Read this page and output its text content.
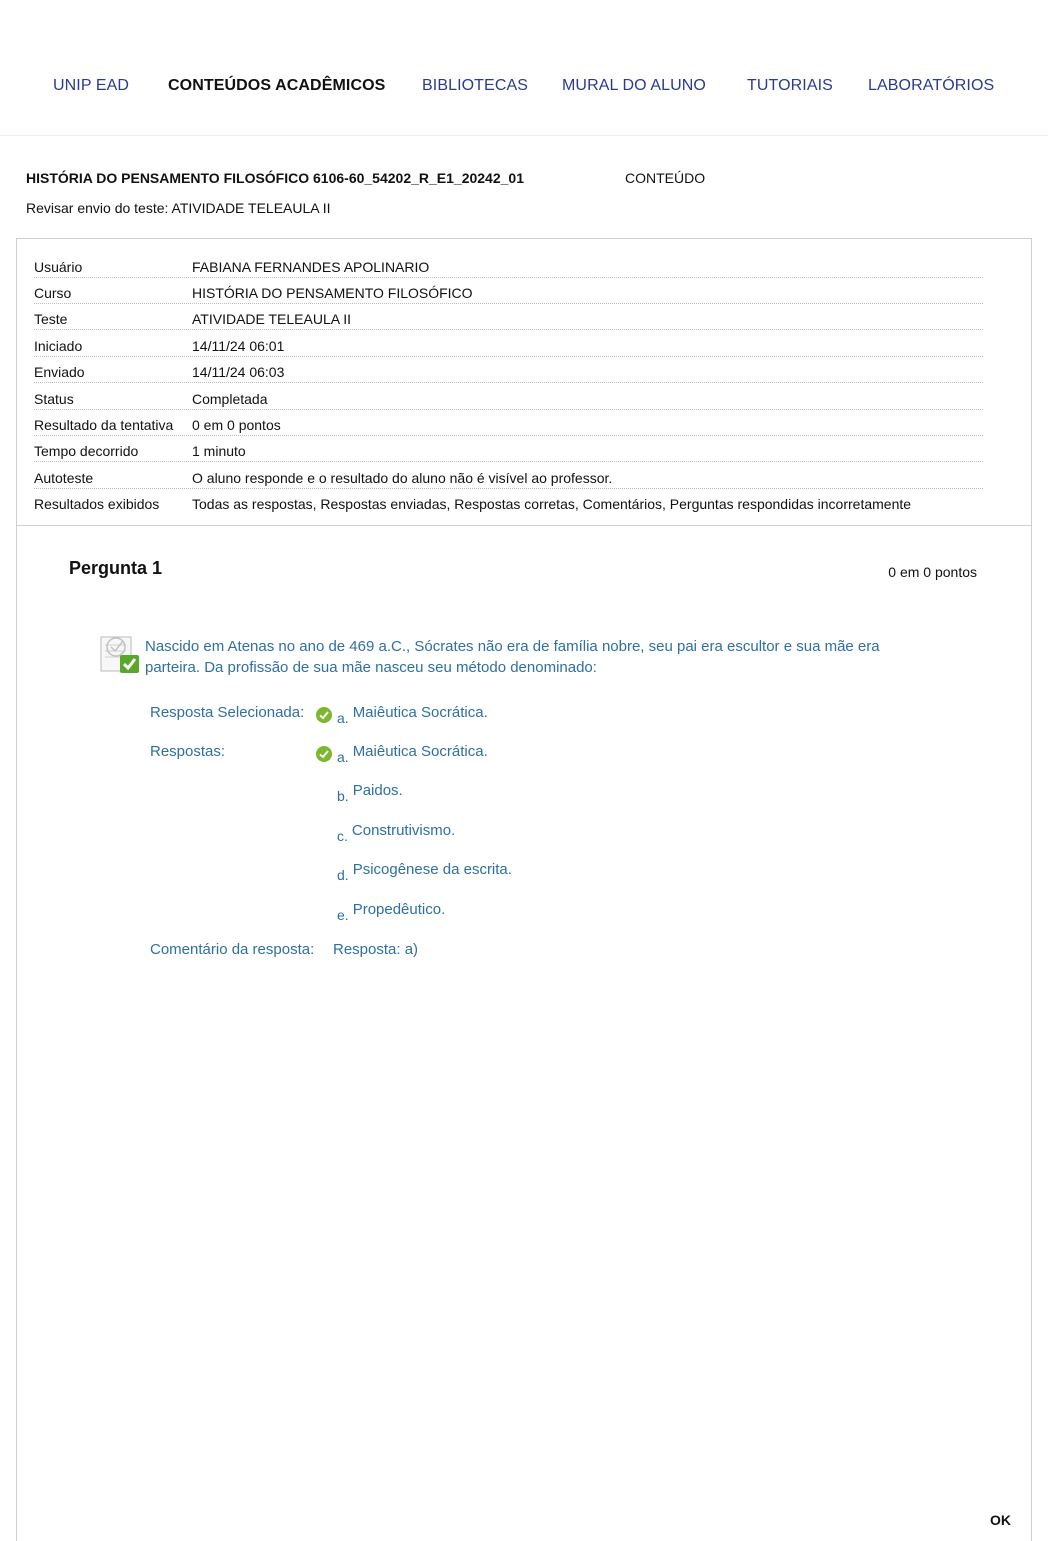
UNIP EAD CONTEÚDOS ACADÊMICOS BIBLIOTECAS MURAL DO ALUNO	TUTORIAIS LABORATÓRIOS
HISTÓRIA DO PENSAMENTO FILOSÓFICO 6106-60_54202_R_E1_20242_01	CONTEÚDO
Revisar envio do teste: ATIVIDADE TELEAULA II
Usuário	FABIANA FERNANDES APOLINARIO
Curso	HISTÓRIA DO PENSAMENTO FILOSÓFICO
Teste	ATIVIDADE TELEAULA II
Iniciado	14/11/24 06:01
Enviado	14/11/24 06:03
Status	Completada
Resultado da tentativa 0 em 0 pontos
Tempo decorrido	1 minuto
Autoteste	O aluno responde e o resultado do aluno não é visível ao professor.
Resultados exibidos Todas as respostas, Respostas enviadas, Respostas corretas, Comentários, Perguntas respondidas incorretamente
Pergunta 1	0 em 0 pontos
Nascido em Atenas no ano de 469 a.C., Sócrates não era de família nobre, seu pai era escultor e sua mãe era parteira. Da profissão de sua mãe nasceu seu método denominado:
Resposta Selecionada:	a. Maiêutica Socrática.
Respostas:	a. Maiêutica Socrática.
b. Paidos.
c. Construtivismo.
d. Psicogênese da escrita.
e. Propedêutico.
Comentário da resposta: Resposta: a)
OK
